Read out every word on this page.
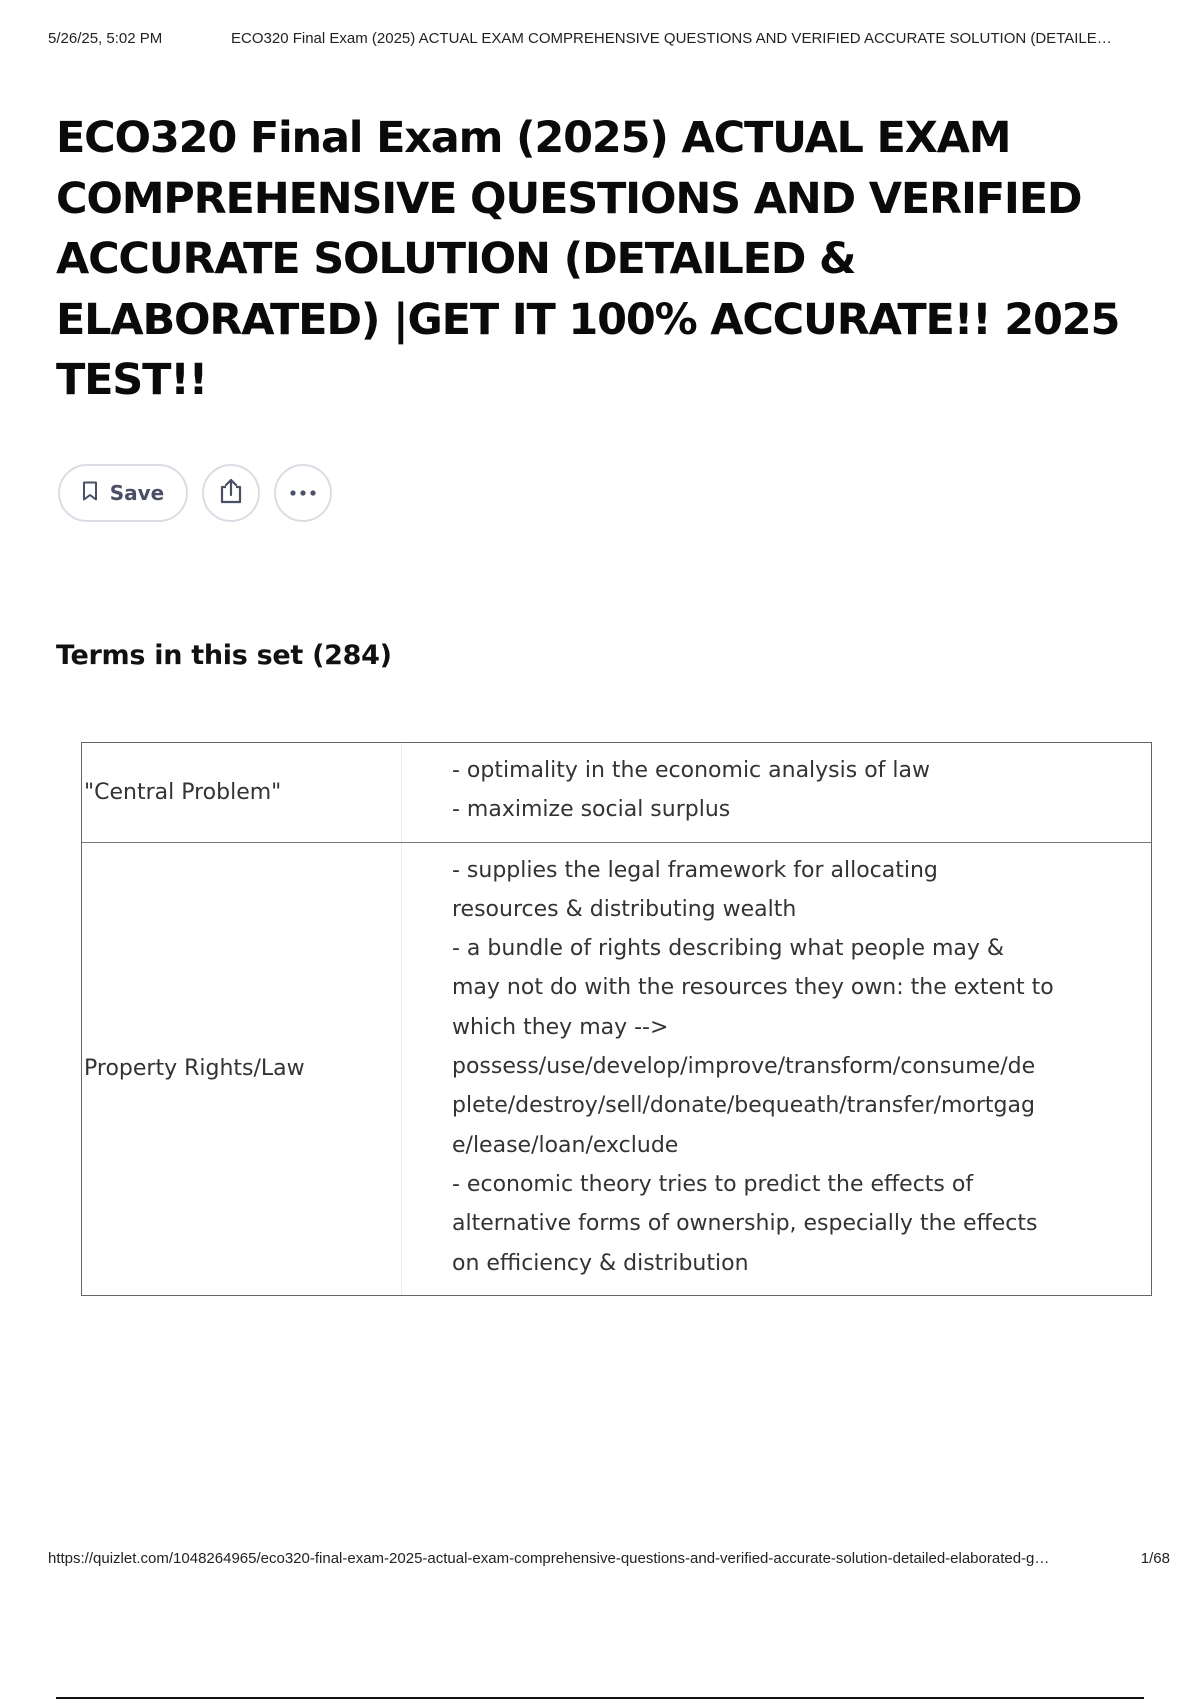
5/26/25, 5:02 PM	ECO320 Final Exam (2025) ACTUAL EXAM COMPREHENSIVE QUESTIONS AND VERIFIED ACCURATE SOLUTION (DETAILE…
ECO320 Final Exam (2025) ACTUAL EXAM COMPREHENSIVE QUESTIONS AND VERIFIED ACCURATE SOLUTION (DETAILED & ELABORATED) |GET IT 100% ACCURATE!! 2025 TEST!!
Save
Terms in this set (284)
"Central Problem"
- optimality in the economic analysis of law
- maximize social surplus
Property Rights/Law
- supplies the legal framework for allocating
resources & distributing wealth
- a bundle of rights describing what people may &
may not do with the resources they own: the extent to
which they may -->
possess/use/develop/improve/transform/consume/de
plete/destroy/sell/donate/bequeath/transfer/mortgag
e/lease/loan/exclude
- economic theory tries to predict the effects of
alternative forms of ownership, especially the effects
on efficiency & distribution
https://quizlet.com/1048264965/eco320-final-exam-2025-actual-exam-comprehensive-questions-and-verified-accurate-solution-detailed-elaborated-g…	1/68
